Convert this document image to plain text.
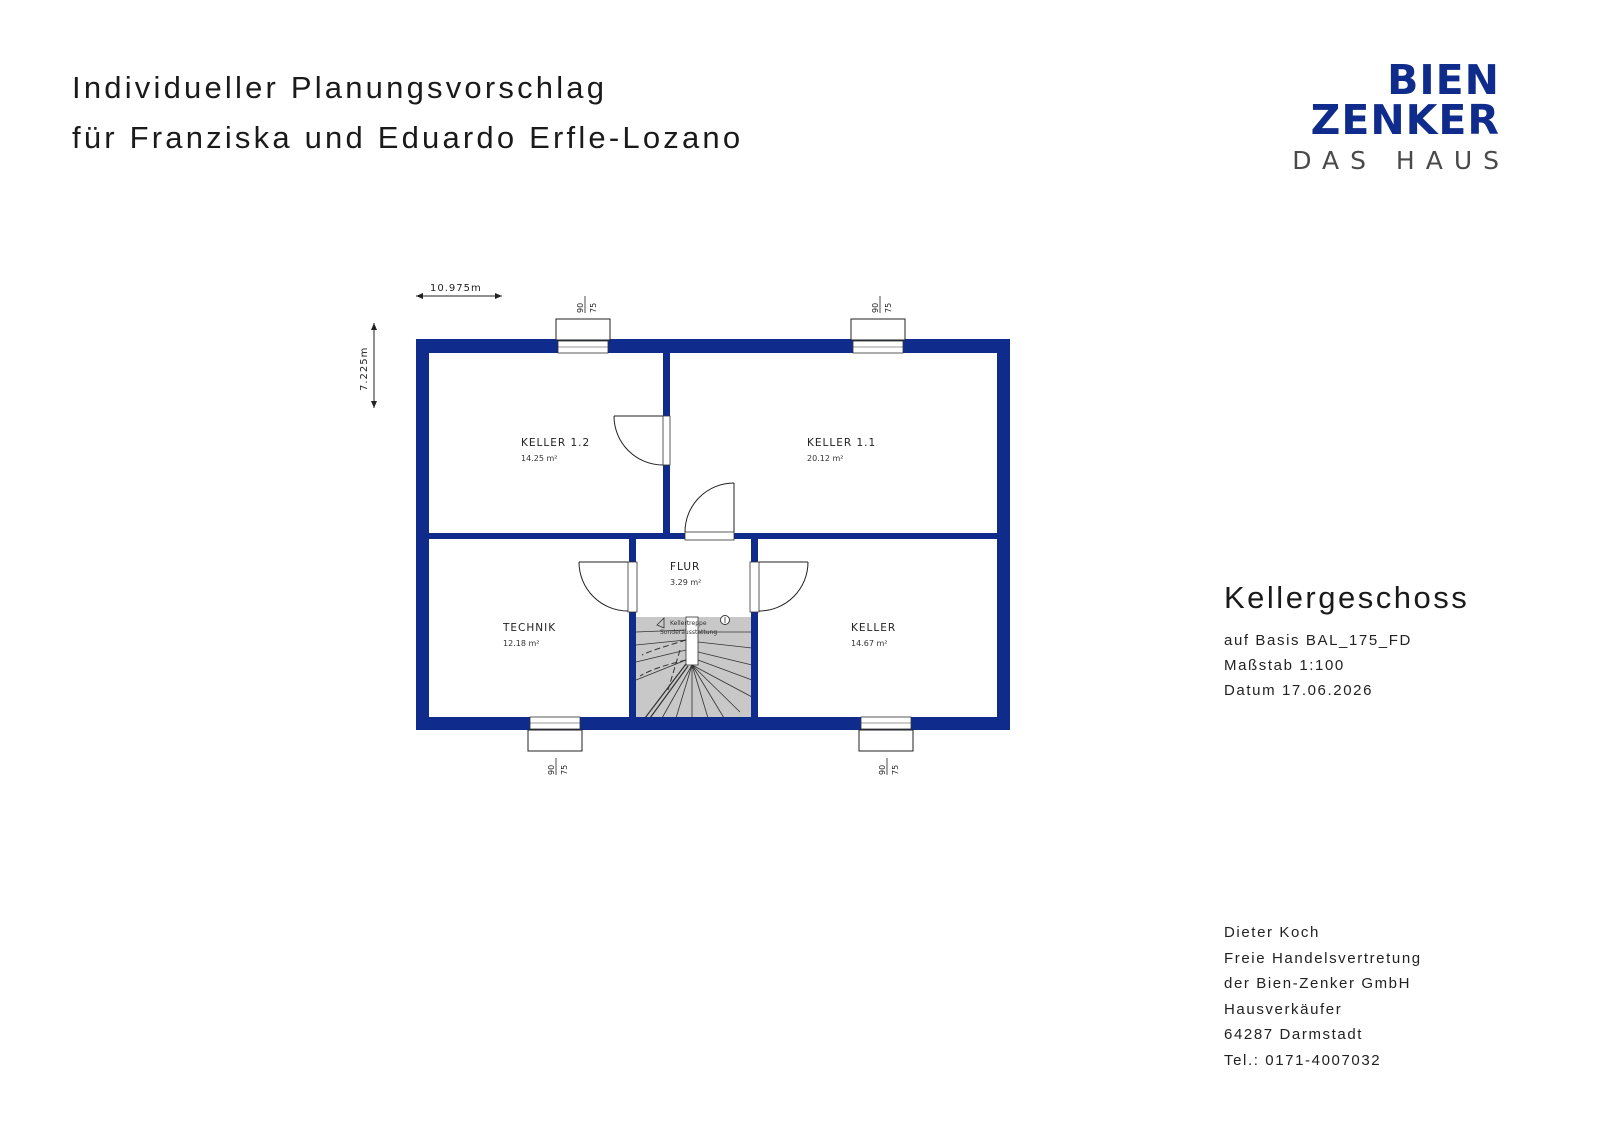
Individueller Planungsvorschlag
für Franziska und Eduardo Erfle-Lozano
BIEN
ZENKER
DAS HAUS
10.975m
7.225m
Kellertreppe
Sonderausstattung
90 75	90 75
90 75	90 75
KELLER 1.2
14.25 m²
KELLER 1.1
20.12 m²
FLUR
3.29 m²
TECHNIK
12.18 m²
KELLER
14.67 m²
Kellergeschoss
auf Basis BAL_175_FD
Maßstab 1:100
Datum 17.06.2026
Dieter Koch
Freie Handelsvertretung
der Bien-Zenker GmbH
Hausverkäufer
64287 Darmstadt
Tel.: 0171-4007032
